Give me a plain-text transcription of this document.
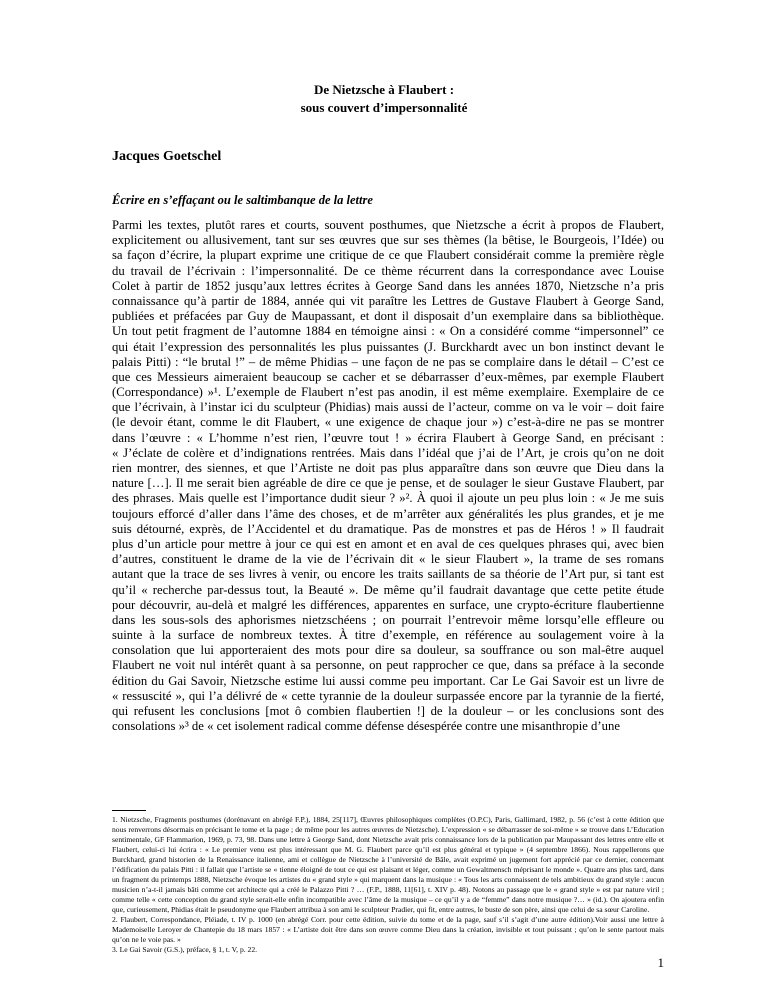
De Nietzsche à Flaubert :
sous couvert d’impersonnalité
Jacques Goetschel
Écrire en s’effaçant ou le saltimbanque de la lettre
Parmi les textes, plutôt rares et courts, souvent posthumes, que Nietzsche a écrit à propos de Flaubert,
explicitement ou allusivement, tant sur ses œuvres que sur ses thèmes (la bêtise, le Bourgeois, l’Idée) ou
sa façon d’écrire, la plupart exprime une critique de ce que Flaubert considérait comme la première règle
du travail de l’écrivain : l’impersonnalité. De ce thème récurrent dans la correspondance avec Louise
Colet à partir de 1852 jusqu’aux lettres écrites à George Sand dans les années 1870, Nietzsche n’a pris
connaissance qu’à partir de 1884, année qui vit paraître les Lettres de Gustave Flaubert à George Sand,
publiées et préfacées par Guy de Maupassant, et dont il disposait d’un exemplaire dans sa bibliothèque.
Un tout petit fragment de l’automne 1884 en témoigne ainsi : « On a considéré comme “impersonnel” ce
qui était l’expression des personnalités les plus puissantes (J. Burckhardt avec un bon instinct devant le
palais Pitti) : “le brutal !” – de même Phidias – une façon de ne pas se complaire dans le détail – C’est ce
que ces Messieurs aimeraient beaucoup se cacher et se débarrasser d’eux-mêmes, par exemple Flaubert
(Correspondance) »¹. L’exemple de Flaubert n’est pas anodin, il est même exemplaire. Exemplaire de ce
que l’écrivain, à l’instar ici du sculpteur (Phidias) mais aussi de l’acteur, comme on va le voir – doit faire
(le devoir étant, comme le dit Flaubert, « une exigence de chaque jour ») c’est-à-dire ne pas se montrer
dans l’œuvre : « L’homme n’est rien, l’œuvre tout ! » écrira Flaubert à George Sand, en précisant :
« J’éclate de colère et d’indignations rentrées. Mais dans l’idéal que j’ai de l’Art, je crois qu’on ne doit
rien montrer, des siennes, et que l’Artiste ne doit pas plus apparaître dans son œuvre que Dieu dans la
nature […]. Il me serait bien agréable de dire ce que je pense, et de soulager le sieur Gustave Flaubert, par
des phrases. Mais quelle est l’importance dudit sieur ? »². À quoi il ajoute un peu plus loin : « Je me suis
toujours efforcé d’aller dans l’âme des choses, et de m’arrêter aux généralités les plus grandes, et je me
suis détourné, exprès, de l’Accidentel et du dramatique. Pas de monstres et pas de Héros ! » Il faudrait
plus d’un article pour mettre à jour ce qui est en amont et en aval de ces quelques phrases qui, avec bien
d’autres, constituent le drame de la vie de l’écrivain dit « le sieur Flaubert », la trame de ses romans
autant que la trace de ses livres à venir, ou encore les traits saillants de sa théorie de l’Art pur, si tant est
qu’il « recherche par-dessus tout, la Beauté ». De même qu’il faudrait davantage que cette petite étude
pour découvrir, au-delà et malgré les différences, apparentes en surface, une crypto-écriture flaubertienne
dans les sous-sols des aphorismes nietzschéens ; on pourrait l’entrevoir même lorsqu’elle effleure ou
suinte à la surface de nombreux textes. À titre d’exemple, en référence au soulagement voire à la
consolation que lui apporteraient des mots pour dire sa douleur, sa souffrance ou son mal-être auquel
Flaubert ne voit nul intérêt quant à sa personne, on peut rapprocher ce que, dans sa préface à la seconde
édition du Gai Savoir, Nietzsche estime lui aussi comme peu important. Car Le Gai Savoir est un livre de
« ressuscité », qui l’a délivré de « cette tyrannie de la douleur surpassée encore par la tyrannie de la fierté,
qui refusent les conclusions [mot ô combien flaubertien !] de la douleur – or les conclusions sont des
consolations »³ de « cet isolement radical comme défense désespérée contre une misanthropie d’une

1. Nietzsche, Fragments posthumes (dorénavant en abrégé F.P.), 1884, 25[117], Œuvres philosophiques complètes (O.P.C), Paris, Gallimard, 1982, p. 56 (c’est à cette édition que nous renverrons désormais en précisant le tome et la page ; de même pour les autres œuvres de Nietzsche). L’expression « se débarrasser de soi-même » se trouve dans L’Education sentimentale, GF Flammarion, 1969, p. 73, 98. Dans une lettre à George Sand, dont Nietzsche avait pris connaissance lors de la publication par Maupassant des lettres entre elle et Flaubert, celui-ci lui écrira : « Le premier venu est plus intéressant que M. G. Flaubert parce qu’il est plus général et typique » (4 septembre 1866). Nous rappellerons que Burckhard, grand historien de la Renaissance italienne, ami et collègue de Nietzsche à l’université de Bâle, avait exprimé un jugement fort apprécié par ce dernier, concernant l’édification du palais Pitti : il fallait que l’artiste se « tienne éloigné de tout ce qui est plaisant et léger, comme un Gewaltmensch méprisant le monde ». Quatre ans plus tard, dans un fragment du printemps 1888, Nietzsche évoque les artistes du « grand style » qui marquent dans la musique : « Tous les arts connaissent de tels ambitieux du grand style : aucun musicien n’a-t-il jamais bâti comme cet architecte qui a créé le Palazzo Pitti ? … (F.P., 1888, 11[61], t. XIV p. 48). Notons au passage que le « grand style » est par nature viril ; comme telle « cette conception du grand style serait-elle enfin incompatible avec l’âme de la musique – ce qu’il y a de “femme” dans notre musique ?… » (id.). On ajoutera enfin que, curieusement, Phidias était le pseudonyme que Flaubert attribua à son ami le sculpteur Pradier, qui fit, entre autres, le buste de son père, ainsi que celui de sa sœur Caroline.

2. Flaubert, Correspondance, Pléiade, t. IV p. 1000 (en abrégé Corr. pour cette édition, suivie du tome et de la page, sauf s’il s’agit d’une autre édition).Voir aussi une lettre à Mademoiselle Leroyer de Chantepie du 18 mars 1857 : « L’artiste doit être dans son œuvre comme Dieu dans la création, invisible et tout puissant ; qu’on le sente partout mais qu’on ne le voie pas. »

3. Le Gai Savoir (G.S.), préface, § 1, t. V, p. 22.

1
